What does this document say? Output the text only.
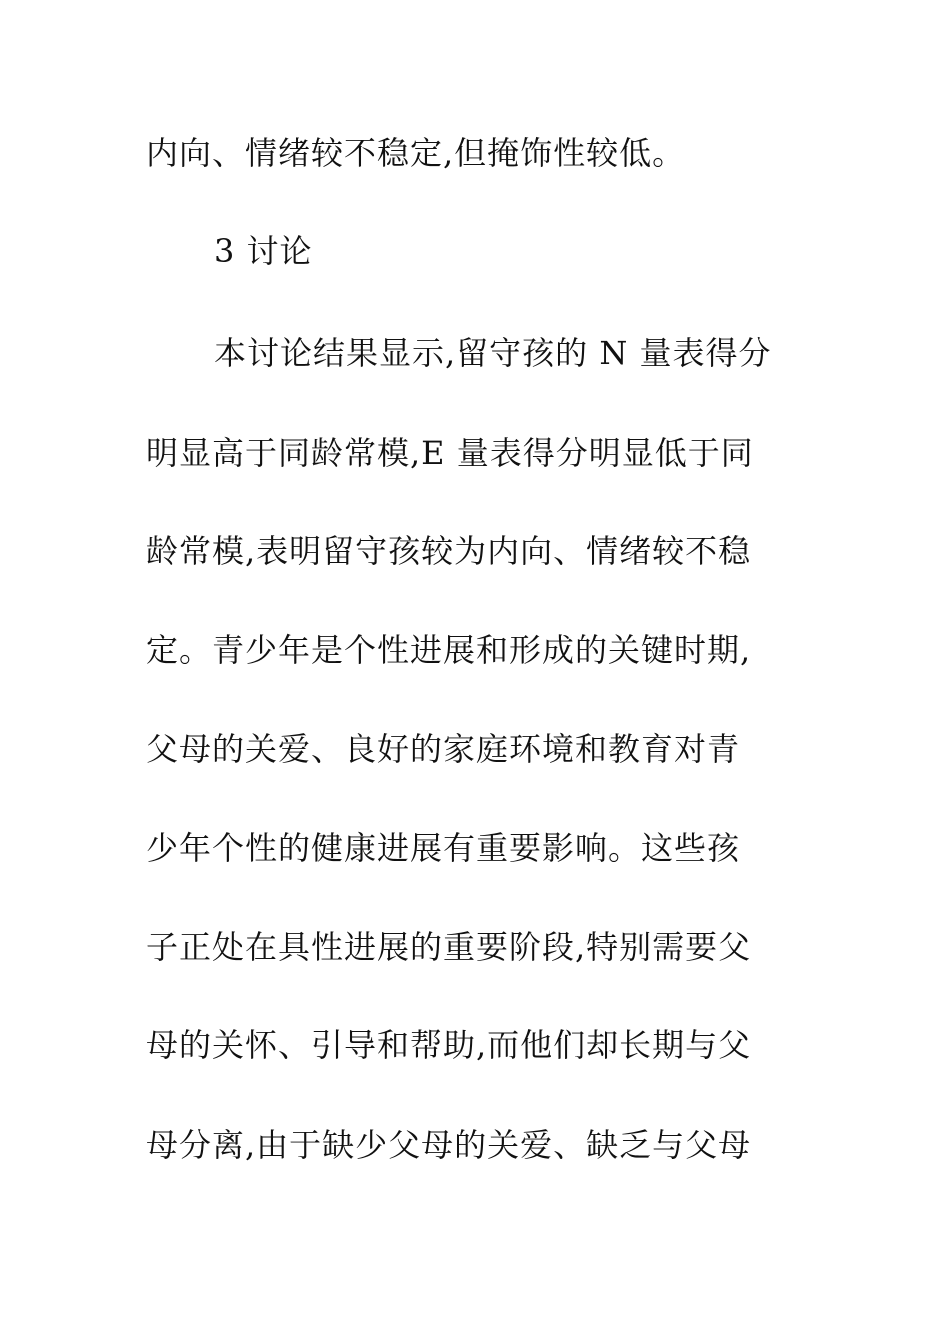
内向、情绪较不稳定,但掩饰性较低。
3 讨论
本讨论结果显示,留守孩的 N 量表得分
明显高于同龄常模,E 量表得分明显低于同
龄常模,表明留守孩较为内向、情绪较不稳
定。青少年是个性进展和形成的关键时期,
父母的关爱、良好的家庭环境和教育对青
少年个性的健康进展有重要影响。这些孩
子正处在具性进展的重要阶段,特别需要父
母的关怀、引导和帮助,而他们却长期与父
母分离,由于缺少父母的关爱、缺乏与父母
